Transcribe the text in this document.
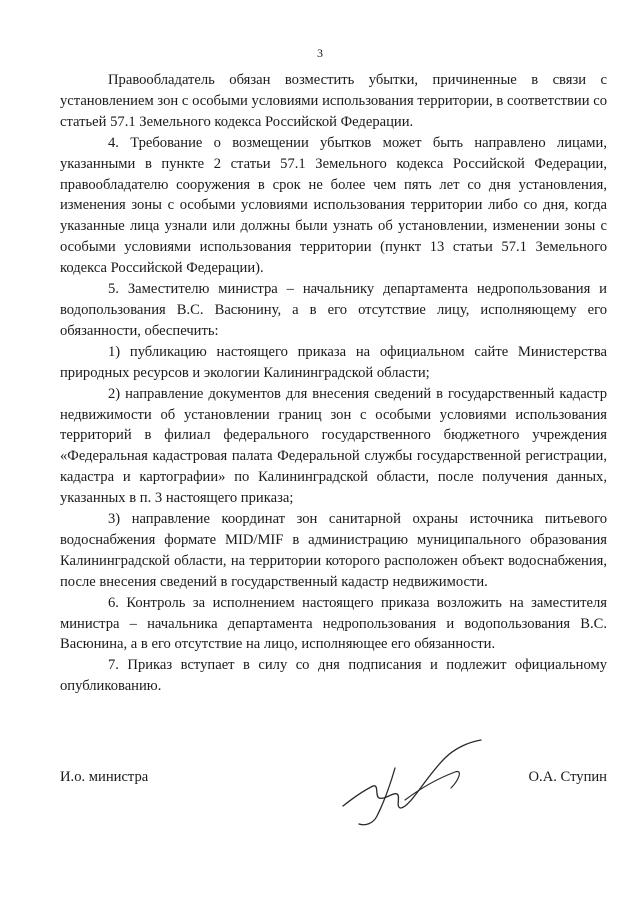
3

Правообладатель обязан возместить убытки, причиненные в связи с установлением зон с особыми условиями использования территории, в соответствии со статьей 57.1 Земельного кодекса Российской Федерации.

4. Требование о возмещении убытков может быть направлено лицами, указанными в пункте 2 статьи 57.1 Земельного кодекса Российской Федерации, правообладателю сооружения в срок не более чем пять лет со дня установления, изменения зоны с особыми условиями использования территории либо со дня, когда указанные лица узнали или должны были узнать об установлении, изменении зоны с особыми условиями использования территории (пункт 13 статьи 57.1 Земельного кодекса Российской Федерации).

5. Заместителю министра – начальнику департамента недропользования и водопользования В.С. Васюнину, а в его отсутствие лицу, исполняющему его обязанности, обеспечить:

1) публикацию настоящего приказа на официальном сайте Министерства природных ресурсов и экологии Калининградской области;

2) направление документов для внесения сведений в государственный кадастр недвижимости об установлении границ зон с особыми условиями использования территорий в филиал федерального государственного бюджетного учреждения «Федеральная кадастровая палата Федеральной службы государственной регистрации, кадастра и картографии» по Калининградской области, после получения данных, указанных в п. 3 настоящего приказа;

3) направление координат зон санитарной охраны источника питьевого водоснабжения формате MID/MIF в администрацию муниципального образования Калининградской области, на территории которого расположен объект водоснабжения, после внесения сведений в государственный кадастр недвижимости.

6. Контроль за исполнением настоящего приказа возложить на заместителя министра – начальника департамента недропользования и водопользования В.С. Васюнина, а в его отсутствие на лицо, исполняющее его обязанности.

7. Приказ вступает в силу со дня подписания и подлежит официальному опубликованию.

И.о. министра	О.А. Ступин
